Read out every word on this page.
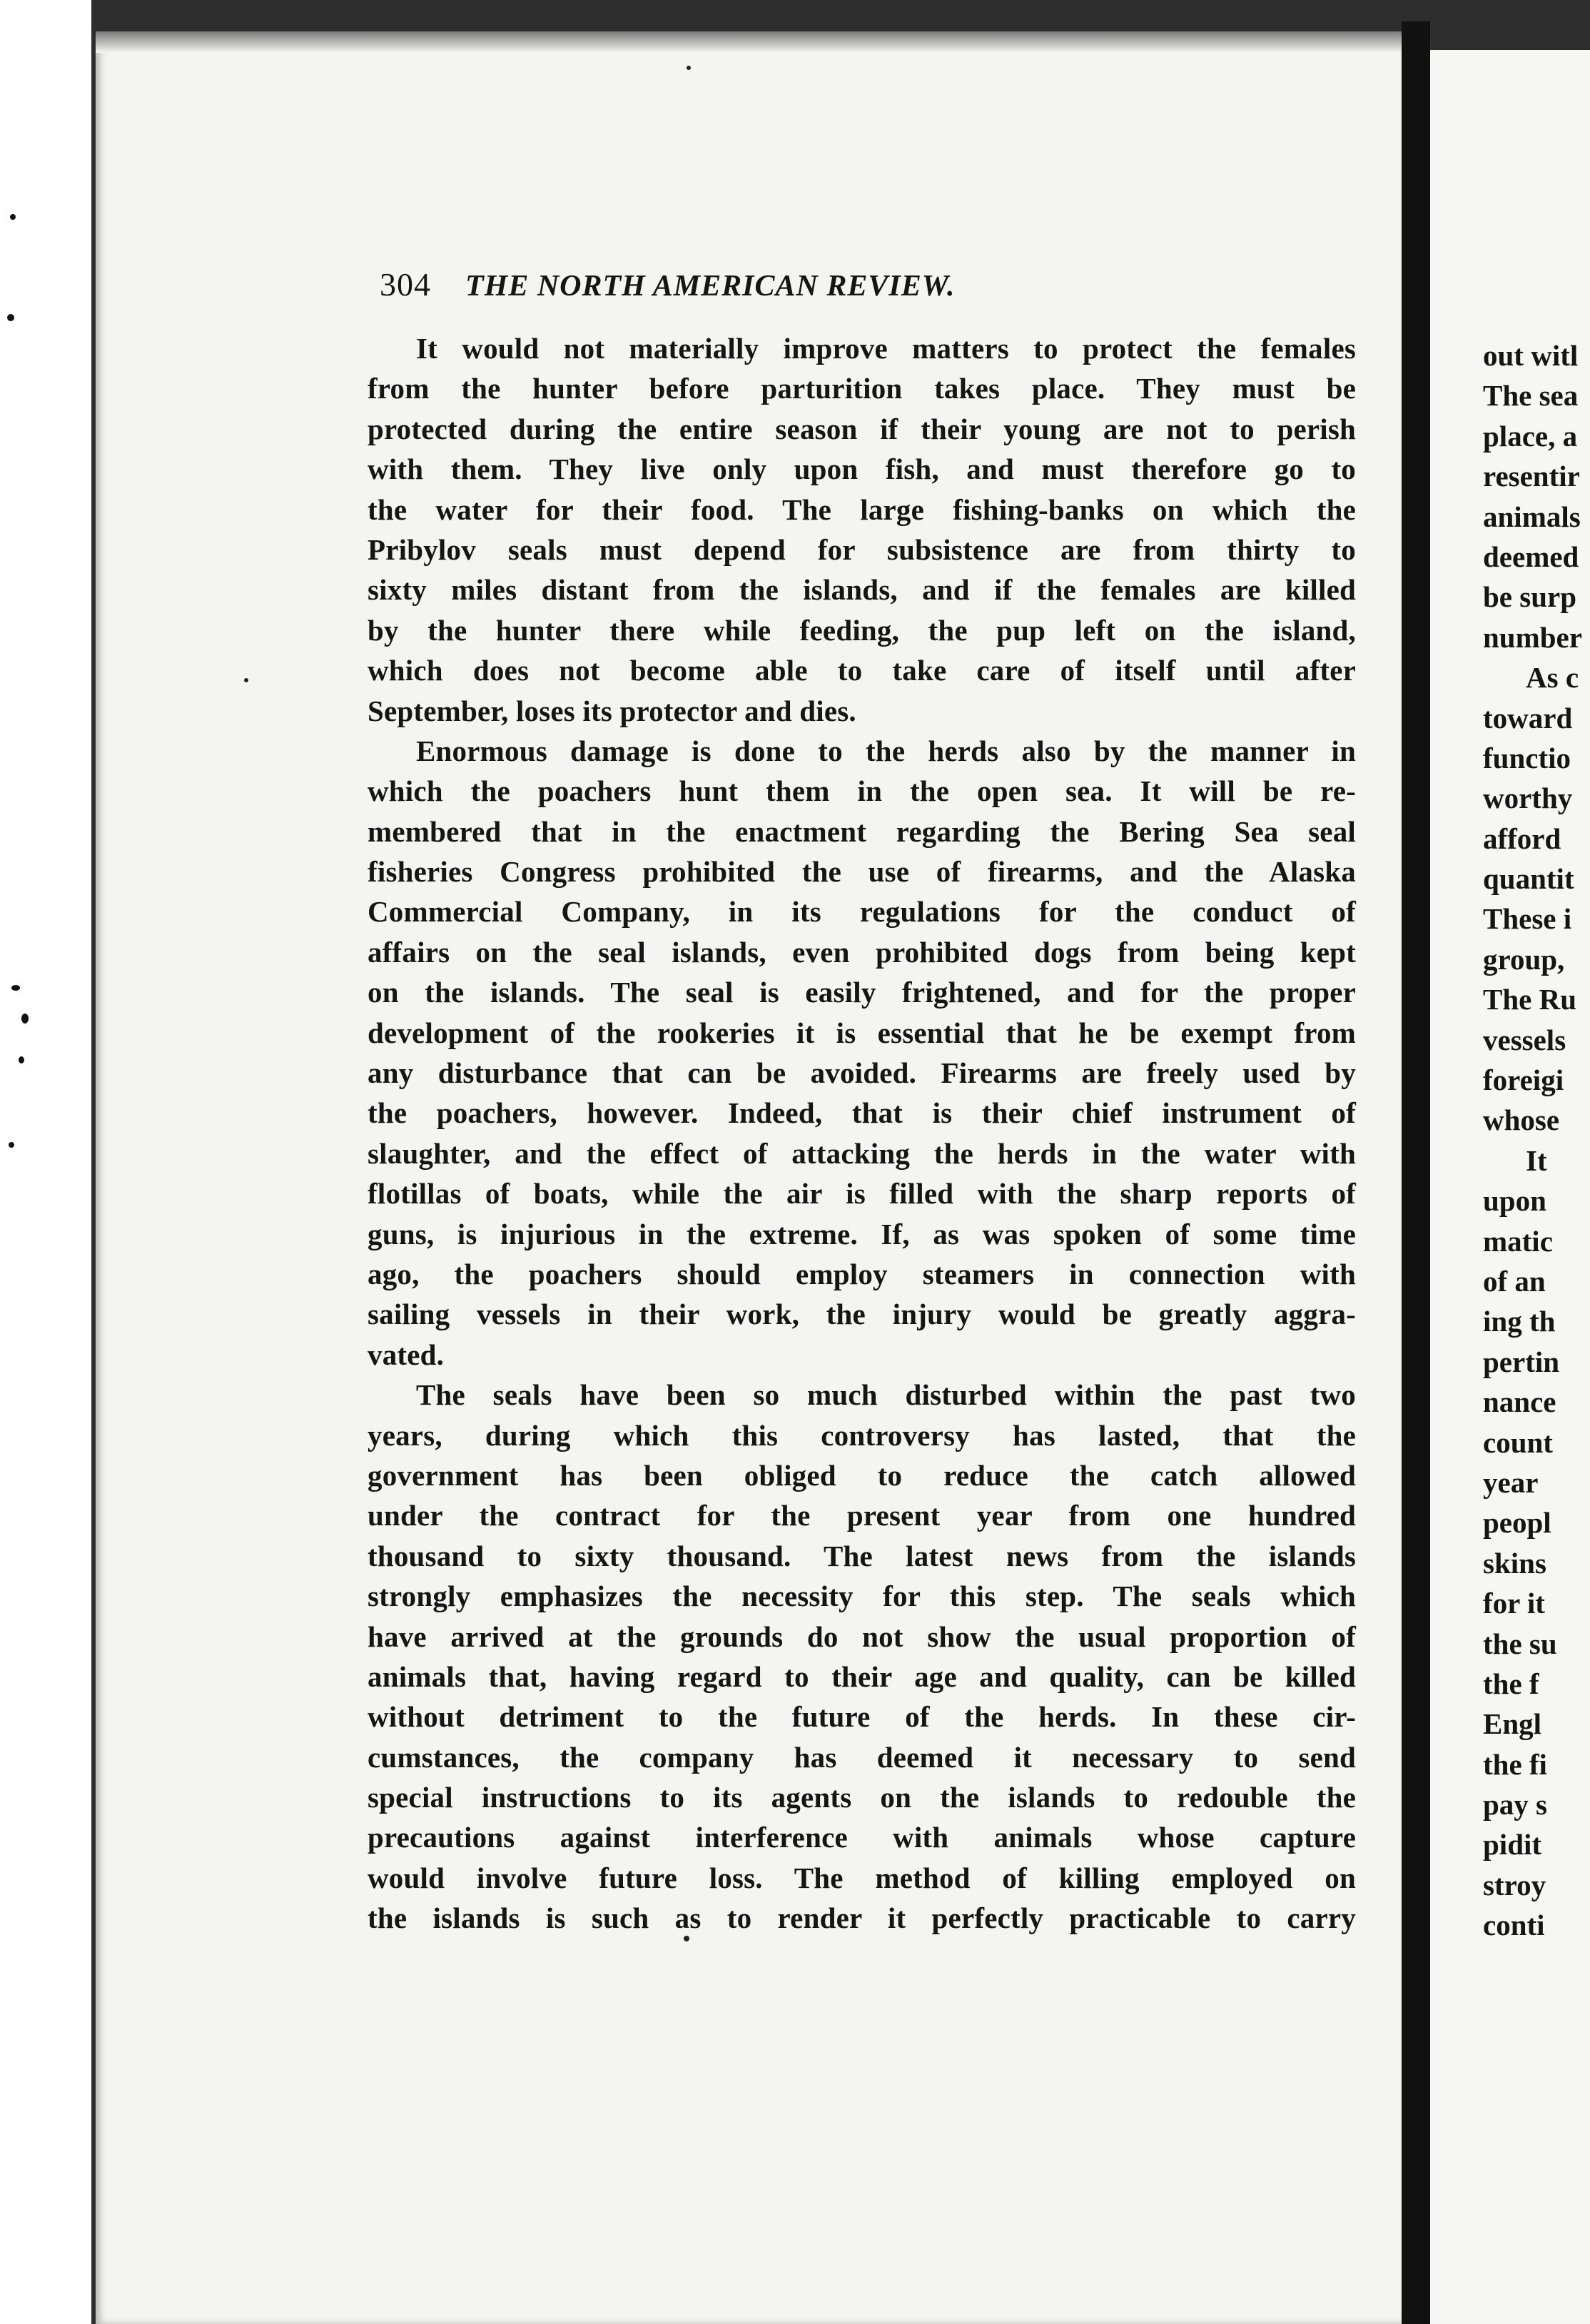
304 THE NORTH AMERICAN REVIEW.
It would not materially improve matters to protect the females
from the hunter before parturition takes place. They must be
protected during the entire season if their young are not to perish
with them. They live only upon fish, and must therefore go to
the water for their food. The large fishing-banks on which the
Pribylov seals must depend for subsistence are from thirty to
sixty miles distant from the islands, and if the females are killed
by the hunter there while feeding, the pup left on the island,
which does not become able to take care of itself until after
September, loses its protector and dies.
Enormous damage is done to the herds also by the manner in
which the poachers hunt them in the open sea. It will be re-
membered that in the enactment regarding the Bering Sea seal
fisheries Congress prohibited the use of firearms, and the Alaska
Commercial Company, in its regulations for the conduct of
affairs on the seal islands, even prohibited dogs from being kept
on the islands. The seal is easily frightened, and for the proper
development of the rookeries it is essential that he be exempt from
any disturbance that can be avoided. Firearms are freely used by
the poachers, however. Indeed, that is their chief instrument of
slaughter, and the effect of attacking the herds in the water with
flotillas of boats, while the air is filled with the sharp reports of
guns, is injurious in the extreme. If, as was spoken of some time
ago, the poachers should employ steamers in connection with
sailing vessels in their work, the injury would be greatly aggra-
vated.
The seals have been so much disturbed within the past two
years, during which this controversy has lasted, that the
government has been obliged to reduce the catch allowed
under the contract for the present year from one hundred
thousand to sixty thousand. The latest news from the islands
strongly emphasizes the necessity for this step. The seals which
have arrived at the grounds do not show the usual proportion of
animals that, having regard to their age and quality, can be killed
without detriment to the future of the herds. In these cir-
cumstances, the company has deemed it necessary to send
special instructions to its agents on the islands to redouble the
precautions against interference with animals whose capture
would involve future loss. The method of killing employed on
the islands is such as to render it perfectly practicable to carry
out witl
The sea
place, a
resentir
animals
deemed
be surp
number
As c
toward
functio
worthy
afford
quantit
These i
group,
The Ru
vessels
foreigi
whose
It
upon
matic
of an
ing th
pertin
nance
count
year
peopl
skins
for it
the su
the f
Engl
the fi
pay s
pidit
stroy
conti
